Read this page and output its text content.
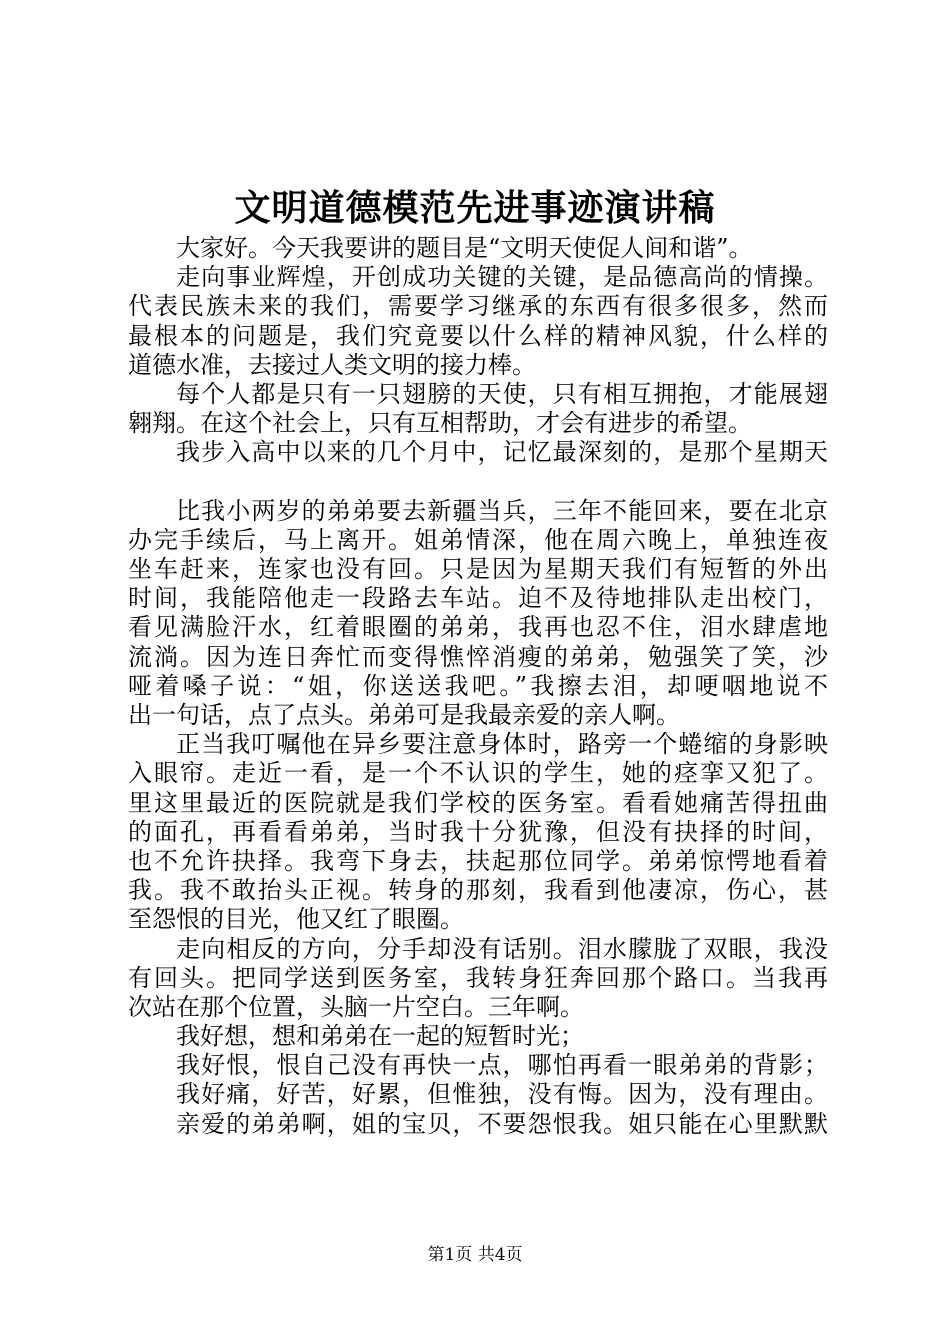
文明道德模范先进事迹演讲稿
大家好。今天我要讲的题目是“文明天使促人间和谐”。
走向事业辉煌，开创成功关键的关键，是品德高尚的情操。
代表民族未来的我们，需要学习继承的东西有很多很多，然而
最根本的问题是，我们究竟要以什么样的精神风貌，什么样的
道德水准，去接过人类文明的接力棒。
每个人都是只有一只翅膀的天使，只有相互拥抱，才能展翅
翱翔。在这个社会上，只有互相帮助，才会有进步的希望。
我步入高中以来的几个月中，记忆最深刻的，是那个星期天
比我小两岁的弟弟要去新疆当兵，三年不能回来，要在北京
办完手续后，马上离开。姐弟情深，他在周六晚上，单独连夜
坐车赶来，连家也没有回。只是因为星期天我们有短暂的外出
时间，我能陪他走一段路去车站。迫不及待地排队走出校门，
看见满脸汗水，红着眼圈的弟弟，我再也忍不住，泪水肆虐地
流淌。因为连日奔忙而变得憔悴消瘦的弟弟，勉强笑了笑，沙
哑着嗓子说：“姐，你送送我吧。”我擦去泪，却哽咽地说不
出一句话，点了点头。弟弟可是我最亲爱的亲人啊。
正当我叮嘱他在异乡要注意身体时，路旁一个蜷缩的身影映
入眼帘。走近一看，是一个不认识的学生，她的痉挛又犯了。
里这里最近的医院就是我们学校的医务室。看看她痛苦得扭曲
的面孔，再看看弟弟，当时我十分犹豫，但没有抉择的时间，
也不允许抉择。我弯下身去，扶起那位同学。弟弟惊愕地看着
我。我不敢抬头正视。转身的那刻，我看到他凄凉，伤心，甚
至怨恨的目光，他又红了眼圈。
走向相反的方向，分手却没有话别。泪水朦胧了双眼，我没
有回头。把同学送到医务室，我转身狂奔回那个路口。当我再
次站在那个位置，头脑一片空白。三年啊。
我好想，想和弟弟在一起的短暂时光；
我好恨，恨自己没有再快一点，哪怕再看一眼弟弟的背影；
我好痛，好苦，好累，但惟独，没有悔。因为，没有理由。
亲爱的弟弟啊，姐的宝贝，不要怨恨我。姐只能在心里默默
第1页 共4页
